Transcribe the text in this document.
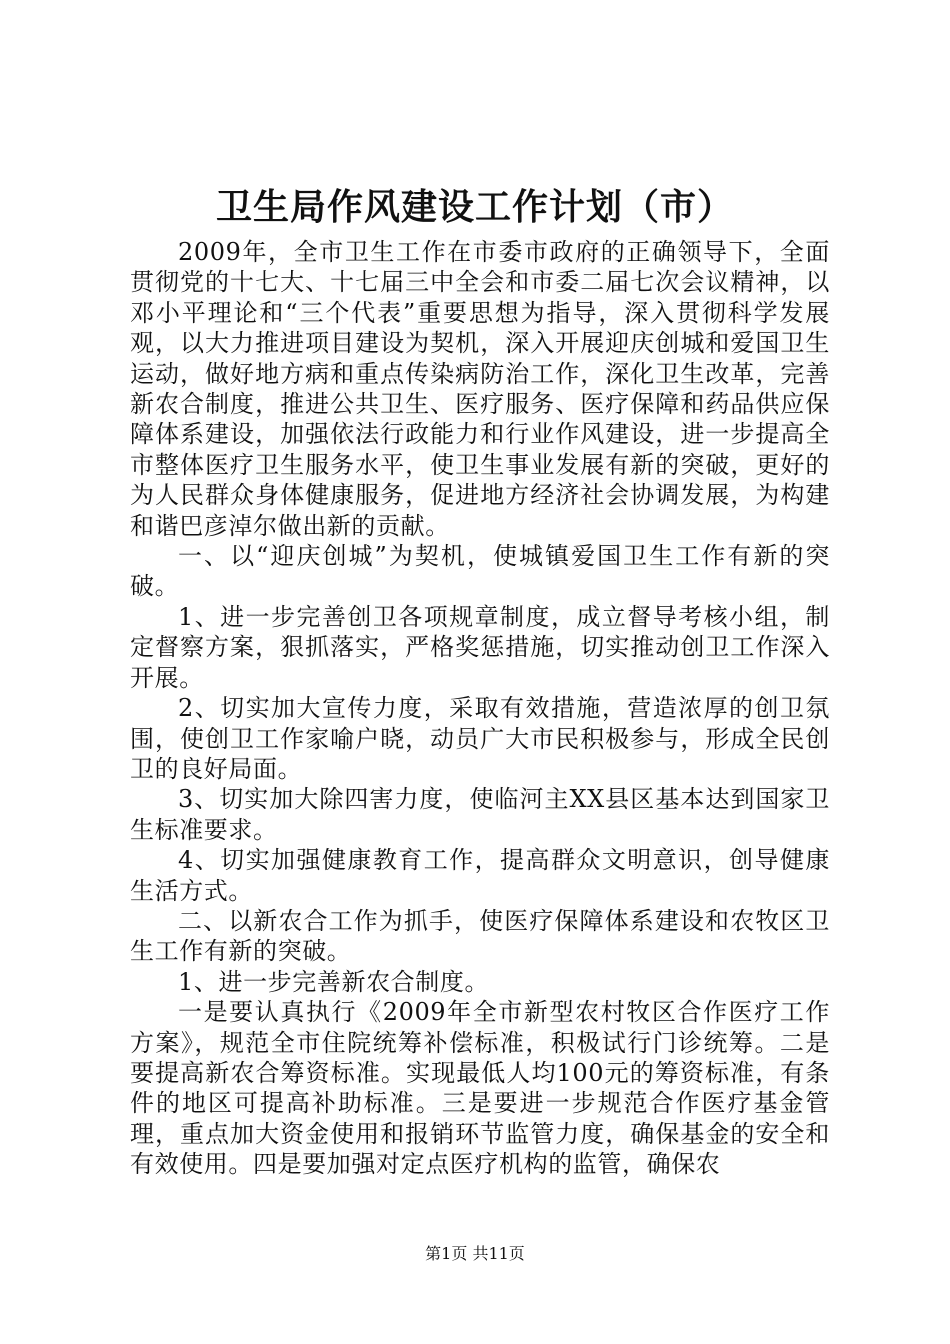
卫生局作风建设工作计划（市）

2009年，全市卫生工作在市委市政府的正确领导下，全面贯彻党的十七大、十七届三中全会和市委二届七次会议精神，以邓小平理论和“三个代表”重要思想为指导，深入贯彻科学发展观，以大力推进项目建设为契机，深入开展迎庆创城和爱国卫生运动，做好地方病和重点传染病防治工作，深化卫生改革，完善新农合制度，推进公共卫生、医疗服务、医疗保障和药品供应保障体系建设，加强依法行政能力和行业作风建设，进一步提高全市整体医疗卫生服务水平，使卫生事业发展有新的突破，更好的为人民群众身体健康服务，促进地方经济社会协调发展，为构建和谐巴彦淖尔做出新的贡献。

一、以“迎庆创城”为契机，使城镇爱国卫生工作有新的突破。

1、进一步完善创卫各项规章制度，成立督导考核小组，制定督察方案，狠抓落实，严格奖惩措施，切实推动创卫工作深入开展。

2、切实加大宣传力度，采取有效措施，营造浓厚的创卫氛围，使创卫工作家喻户晓，动员广大市民积极参与，形成全民创卫的良好局面。

3、切实加大除四害力度，使临河主XX县区基本达到国家卫生标准要求。

4、切实加强健康教育工作，提高群众文明意识，创导健康生活方式。

二、以新农合工作为抓手，使医疗保障体系建设和农牧区卫生工作有新的突破。

1、进一步完善新农合制度。

一是要认真执行《2009年全市新型农村牧区合作医疗工作方案》，规范全市住院统筹补偿标准，积极试行门诊统筹。二是要提高新农合筹资标准。实现最低人均100元的筹资标准，有条件的地区可提高补助标准。三是要进一步规范合作医疗基金管理，重点加大资金使用和报销环节监管力度，确保基金的安全和有效使用。四是要加强对定点医疗机构的监管，确保农

第1页 共11页
